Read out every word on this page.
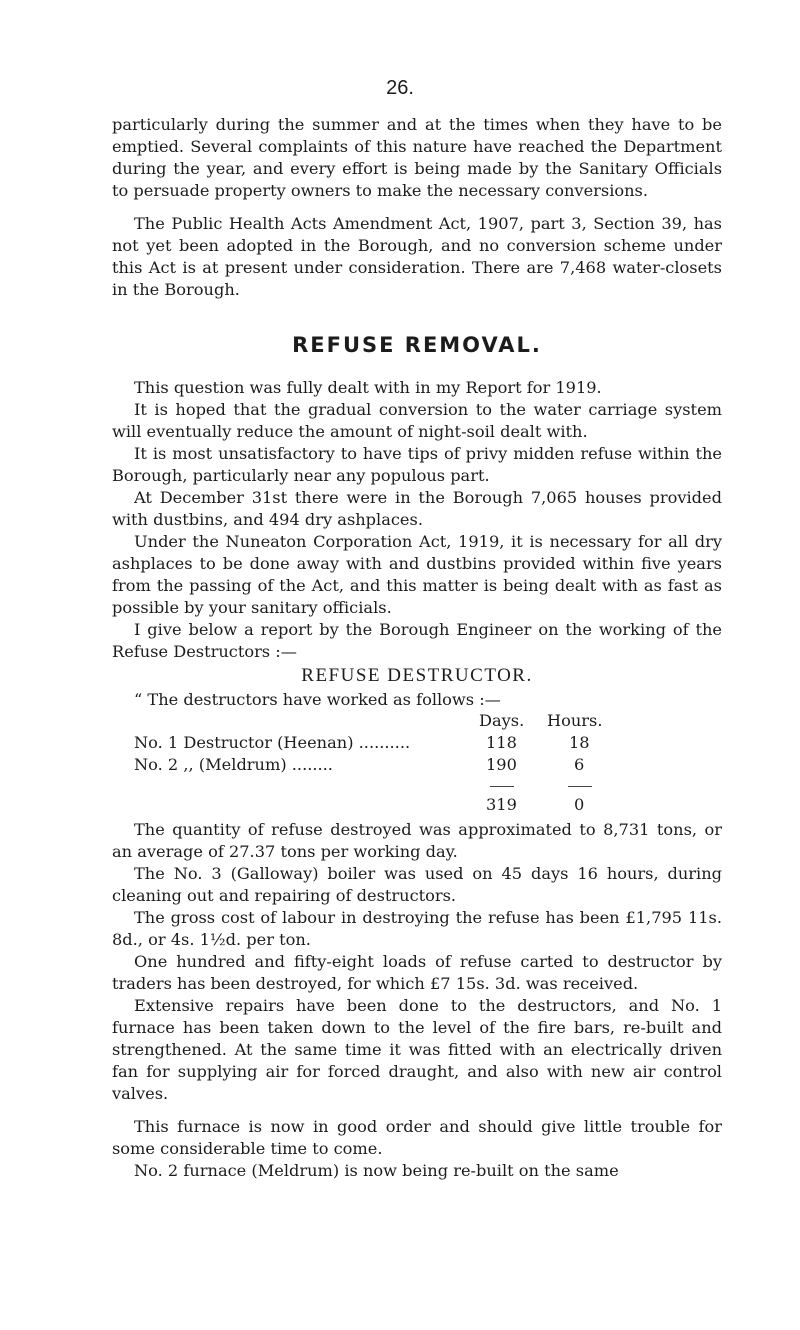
26.

particularly during the summer and at the times when they have to be emptied. Several complaints of this nature have reached the Department during the year, and every effort is being made by the Sanitary Officials to persuade property owners to make the necessary conversions.

The Public Health Acts Amendment Act, 1907, part 3, Section 39, has not yet been adopted in the Borough, and no conversion scheme under this Act is at present under consideration. There are 7,468 water-closets in the Borough.

REFUSE REMOVAL.

This question was fully dealt with in my Report for 1919.

It is hoped that the gradual conversion to the water carriage system will eventually reduce the amount of night-soil dealt with.

It is most unsatisfactory to have tips of privy midden refuse within the Borough, particularly near any populous part.

At December 31st there were in the Borough 7,065 houses provided with dustbins, and 494 dry ashplaces.

Under the Nuneaton Corporation Act, 1919, it is necessary for all dry ashplaces to be done away with and dustbins provided within five years from the passing of the Act, and this matter is being dealt with as fast as possible by your sanitary officials.

I give below a report by the Borough Engineer on the working of the Refuse Destructors :—

REFUSE DESTRUCTOR.

“ The destructors have worked as follows :—

Days. Hours.
No. 1 Destructor (Heenan) ..........	118	18
No. 2 ,, (Meldrum) ........	190	6
319	0

The quantity of refuse destroyed was approximated to 8,731 tons, or an average of 27.37 tons per working day.

The No. 3 (Galloway) boiler was used on 45 days 16 hours, during cleaning out and repairing of destructors.

The gross cost of labour in destroying the refuse has been £1,795 11s. 8d., or 4s. 1½d. per ton.

One hundred and fifty-eight loads of refuse carted to destructor by traders has been destroyed, for which £7 15s. 3d. was received.

Extensive repairs have been done to the destructors, and No. 1 furnace has been taken down to the level of the fire bars, re-built and strengthened. At the same time it was fitted with an electrically driven fan for supplying air for forced draught, and also with new air control valves.

This furnace is now in good order and should give little trouble for some considerable time to come.

No. 2 furnace (Meldrum) is now being re-built on the same
